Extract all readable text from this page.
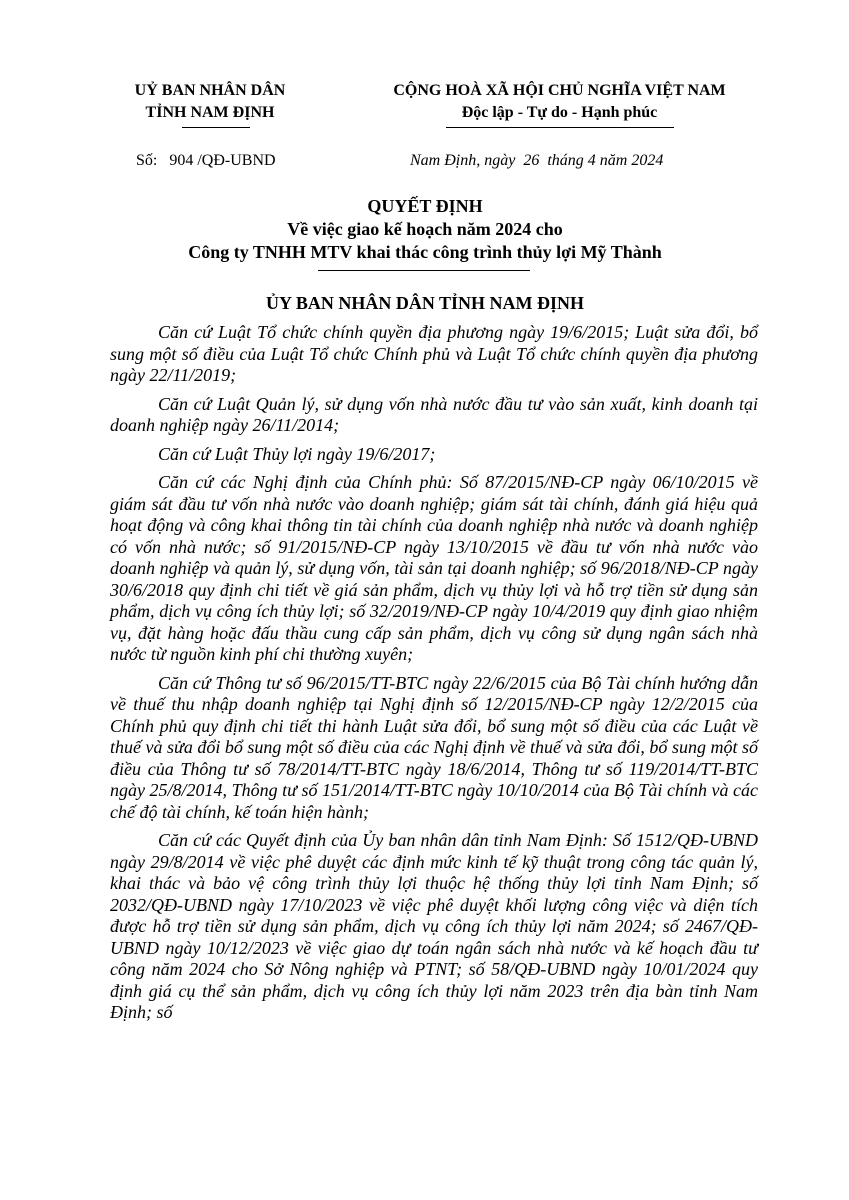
UỶ BAN NHÂN DÂN
TỈNH NAM ĐỊNH
CỘNG HOÀ XÃ HỘI CHỦ NGHĨA VIỆT NAM
Độc lập - Tự do - Hạnh phúc
Số:   904 /QĐ-UBND	Nam Định, ngày  26  tháng 4 năm 2024
QUYẾT ĐỊNH
Về việc giao kế hoạch năm 2024 cho
Công ty TNHH MTV khai thác công trình thủy lợi Mỹ Thành
ỦY BAN NHÂN DÂN TỈNH NAM ĐỊNH

Căn cứ Luật Tổ chức chính quyền địa phương ngày 19/6/2015; Luật sửa đổi, bổ sung một số điều của Luật Tổ chức Chính phủ và Luật Tổ chức chính quyền địa phương ngày 22/11/2019;

Căn cứ Luật Quản lý, sử dụng vốn nhà nước đầu tư vào sản xuất, kinh doanh tại doanh nghiệp ngày 26/11/2014;

Căn cứ Luật Thủy lợi ngày 19/6/2017;

Căn cứ các Nghị định của Chính phủ: Số 87/2015/NĐ-CP ngày 06/10/2015 về giám sát đầu tư vốn nhà nước vào doanh nghiệp; giám sát tài chính, đánh giá hiệu quả hoạt động và công khai thông tin tài chính của doanh nghiệp nhà nước và doanh nghiệp có vốn nhà nước; số 91/2015/NĐ-CP ngày 13/10/2015 về đầu tư vốn nhà nước vào doanh nghiệp và quản lý, sử dụng vốn, tài sản tại doanh nghiệp; số 96/2018/NĐ-CP ngày 30/6/2018 quy định chi tiết về giá sản phẩm, dịch vụ thủy lợi và hỗ trợ tiền sử dụng sản phẩm, dịch vụ công ích thủy lợi; số 32/2019/NĐ-CP ngày 10/4/2019 quy định giao nhiệm vụ, đặt hàng hoặc đấu thầu cung cấp sản phẩm, dịch vụ công sử dụng ngân sách nhà nước từ nguồn kinh phí chi thường xuyên;

Căn cứ Thông tư số 96/2015/TT-BTC ngày 22/6/2015 của Bộ Tài chính hướng dẫn về thuế thu nhập doanh nghiệp tại Nghị định số 12/2015/NĐ-CP ngày 12/2/2015 của Chính phủ quy định chi tiết thi hành Luật sửa đổi, bổ sung một số điều của các Luật về thuế và sửa đổi bổ sung một số điều của các Nghị định về thuế và sửa đổi, bổ sung một số điều của Thông tư số 78/2014/TT-BTC ngày 18/6/2014, Thông tư số 119/2014/TT-BTC ngày 25/8/2014, Thông tư số 151/2014/TT-BTC ngày 10/10/2014 của Bộ Tài chính và các chế độ tài chính, kế toán hiện hành;

Căn cứ các Quyết định của Ủy ban nhân dân tỉnh Nam Định: Số 1512/QĐ-UBND ngày 29/8/2014 về việc phê duyệt các định mức kinh tế kỹ thuật trong công tác quản lý, khai thác và bảo vệ công trình thủy lợi thuộc hệ thống thủy lợi tỉnh Nam Định; số 2032/QĐ-UBND ngày 17/10/2023 về việc phê duyệt khối lượng công việc và diện tích được hỗ trợ tiền sử dụng sản phẩm, dịch vụ công ích thủy lợi năm 2024; số 2467/QĐ-UBND ngày 10/12/2023 về việc giao dự toán ngân sách nhà nước và kế hoạch đầu tư công năm 2024 cho Sở Nông nghiệp và PTNT; số 58/QĐ-UBND ngày 10/01/2024 quy định giá cụ thể sản phẩm, dịch vụ công ích thủy lợi năm 2023 trên địa bàn tỉnh Nam Định; số
